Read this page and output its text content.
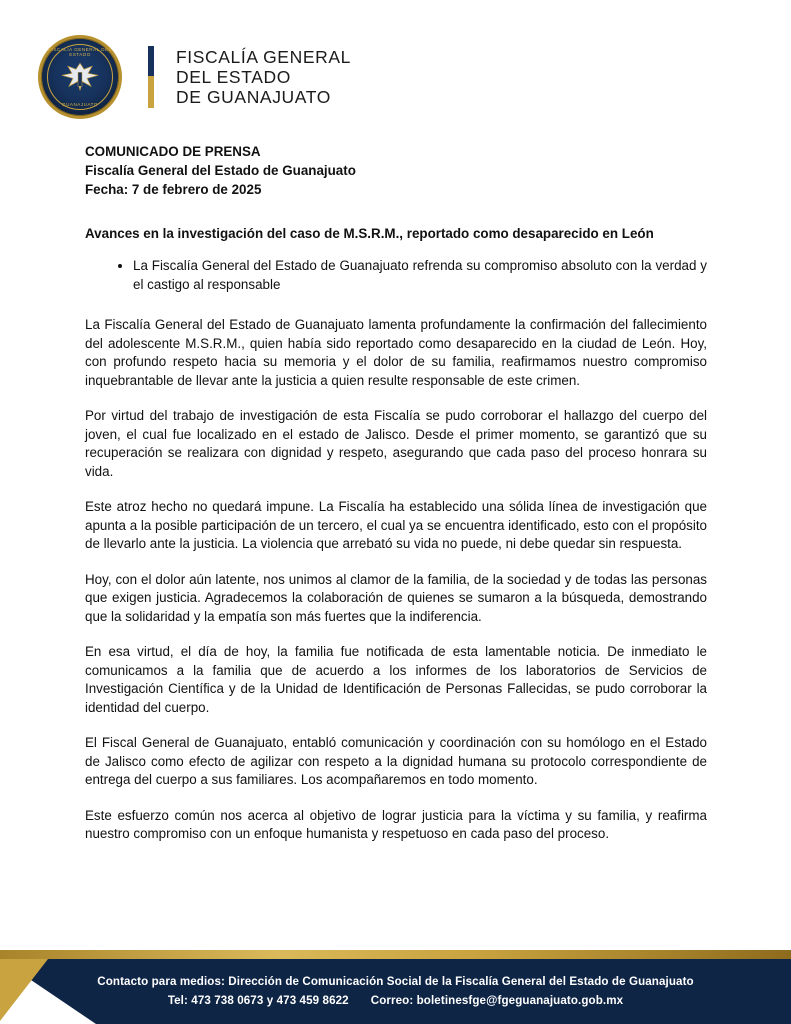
FISCALÍA GENERAL DEL ESTADO
GUANAJUATO
FISCALÍA GENERAL
DEL ESTADO
DE GUANAJUATO
COMUNICADO DE PRENSA
Fiscalía General del Estado de Guanajuato
Fecha: 7 de febrero de 2025
Avances en la investigación del caso de M.S.R.M., reportado como desaparecido en León
• La Fiscalía General del Estado de Guanajuato refrenda su compromiso absoluto con la verdad y el castigo al responsable

La Fiscalía General del Estado de Guanajuato lamenta profundamente la confirmación del fallecimiento del adolescente M.S.R.M., quien había sido reportado como desaparecido en la ciudad de León. Hoy, con profundo respeto hacia su memoria y el dolor de su familia, reafirmamos nuestro compromiso inquebrantable de llevar ante la justicia a quien resulte responsable de este crimen.

Por virtud del trabajo de investigación de esta Fiscalía se pudo corroborar el hallazgo del cuerpo del joven, el cual fue localizado en el estado de Jalisco. Desde el primer momento, se garantizó que su recuperación se realizara con dignidad y respeto, asegurando que cada paso del proceso honrara su vida.

Este atroz hecho no quedará impune. La Fiscalía ha establecido una sólida línea de investigación que apunta a la posible participación de un tercero, el cual ya se encuentra identificado, esto con el propósito de llevarlo ante la justicia. La violencia que arrebató su vida no puede, ni debe quedar sin respuesta.

Hoy, con el dolor aún latente, nos unimos al clamor de la familia, de la sociedad y de todas las personas que exigen justicia. Agradecemos la colaboración de quienes se sumaron a la búsqueda, demostrando que la solidaridad y la empatía son más fuertes que la indiferencia.

En esa virtud, el día de hoy, la familia fue notificada de esta lamentable noticia. De inmediato le comunicamos a la familia que de acuerdo a los informes de los laboratorios de Servicios de Investigación Científica y de la Unidad de Identificación de Personas Fallecidas, se pudo corroborar la identidad del cuerpo.

El Fiscal General de Guanajuato, entabló comunicación y coordinación con su homólogo en el Estado de Jalisco como efecto de agilizar con respeto a la dignidad humana su protocolo correspondiente de entrega del cuerpo a sus familiares. Los acompañaremos en todo momento.

Este esfuerzo común nos acerca al objetivo de lograr justicia para la víctima y su familia, y reafirma nuestro compromiso con un enfoque humanista y respetuoso en cada paso del proceso.

Contacto para medios: Dirección de Comunicación Social de la Fiscalía General del Estado de Guanajuato
Tel: 473 738 0673 y 473 459 8622 Correo: boletinesfge@fgeguanajuato.gob.mx
